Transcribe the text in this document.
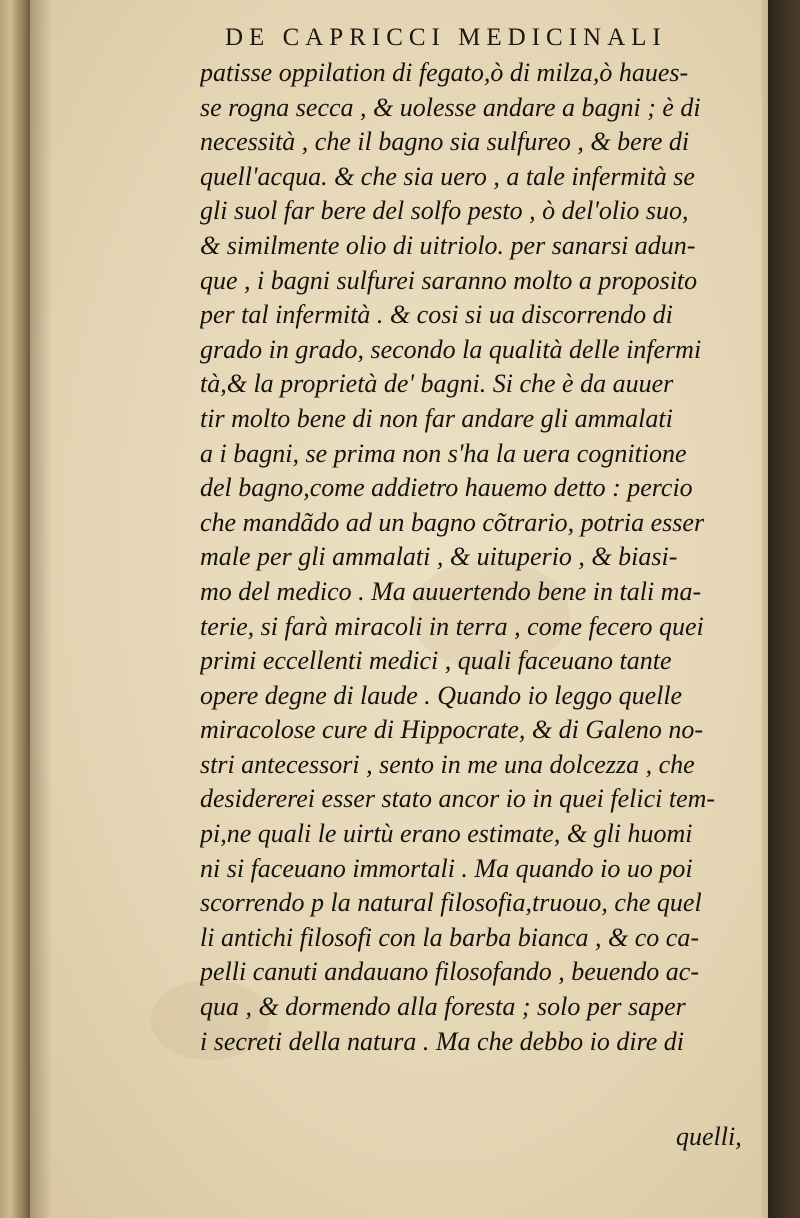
DE CAPRICCI MEDICINALI
patisse oppilation di fegato,ò di milza,ò haues-
se rogna secca , & uolesse andare a bagni ; è di
necessità , che il bagno sia sulfureo , & bere di
quell'acqua. & che sia uero , a tale infermità se
gli suol far bere del solfo pesto , ò del'olio suo,
& similmente olio di uitriolo. per sanarsi adun-
que , i bagni sulfurei saranno molto a proposito
per tal infermità . & cosi si ua discorrendo di
grado in grado, secondo la qualità delle infermi
tà,& la proprietà de' bagni. Si che è da auuer
tir molto bene di non far andare gli ammalati
a i bagni, se prima non s'ha la uera cognitione
del bagno,come addietro hauemo detto : percio
che mandãdo ad un bagno cõtrario, potria esser
male per gli ammalati , & uituperio , & biasi-
mo del medico . Ma auuertendo bene in tali ma-
terie, si farà miracoli in terra , come fecero quei
primi eccellenti medici , quali faceuano tante
opere degne di laude . Quando io leggo quelle
miracolose cure di Hippocrate, & di Galeno no-
stri antecessori , sento in me una dolcezza , che
desidererei esser stato ancor io in quei felici tem-
pi,ne quali le uirtù erano estimate, & gli huomi
ni si faceuano immortali . Ma quando io uo poi
scorrendo p la natural filosofia,truouo, che quel
li antichi filosofi con la barba bianca , & co ca-
pelli canuti andauano filosofando , beuendo ac-
qua , & dormendo alla foresta ; solo per saper
i secreti della natura . Ma che debbo io dire di
quelli,
